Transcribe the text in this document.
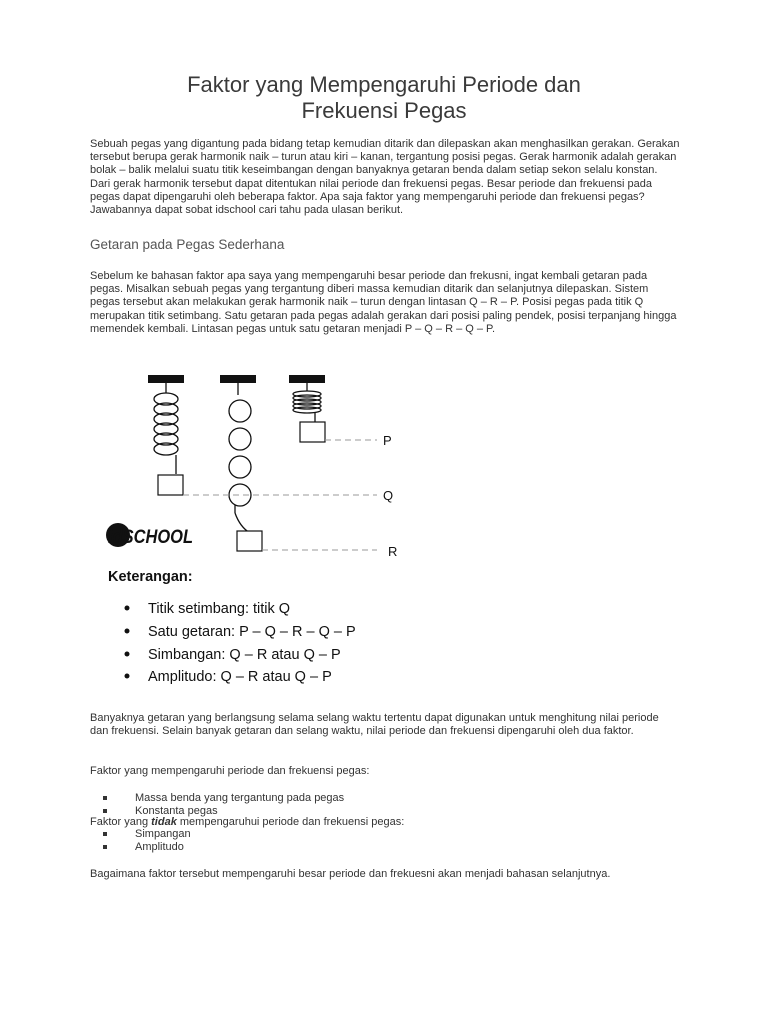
Faktor yang Mempengaruhi Periode dan
Frekuensi Pegas

Sebuah pegas yang digantung pada bidang tetap kemudian ditarik dan dilepaskan akan menghasilkan gerakan. Gerakan tersebut berupa gerak harmonik naik – turun atau kiri – kanan, tergantung posisi pegas. Gerak harmonik adalah gerakan bolak – balik melalui suatu titik keseimbangan dengan banyaknya getaran benda dalam setiap sekon selalu konstan. Dari gerak harmonik tersebut dapat ditentukan nilai periode dan frekuensi pegas. Besar periode dan frekuensi pada pegas dapat dipengaruhi oleh beberapa faktor. Apa saja faktor yang mempengaruhi periode dan frekuensi pegas? Jawabannya dapat sobat idschool cari tahu pada ulasan berikut.

Getaran pada Pegas Sederhana

Sebelum ke bahasan faktor apa saya yang mempengaruhi besar periode dan frekusni, ingat kembali getaran pada pegas. Misalkan sebuah pegas yang tergantung diberi massa kemudian ditarik dan selanjutnya dilepaskan. Sistem pegas tersebut akan melakukan gerak harmonik naik – turun dengan lintasan Q – R – P. Posisi pegas pada titik Q merupakan titik setimbang. Satu getaran pada pegas adalah gerakan dari posisi paling pendek, posisi terpanjang hingga memendek kembali. Lintasan pegas untuk satu getaran menjadi P – Q – R – Q – P.

P
Q
R
idSCHOOL
Keterangan:
Titik setimbang: titik Q
Satu getaran: P – Q – R – Q – P
Simbangan: Q – R atau Q – P
Amplitudo: Q – R atau Q – P

Banyaknya getaran yang berlangsung selama selang waktu tertentu dapat digunakan untuk menghitung nilai periode dan frekuensi. Selain banyak getaran dan selang waktu, nilai periode dan frekuensi dipengaruhi oleh dua faktor.

Faktor yang mempengaruhi periode dan frekuensi pegas:

Massa benda yang tergantung pada pegas
Konstanta pegas
Faktor yang tidak mempengaruhui periode dan frekuensi pegas:
Simpangan
Amplitudo

Bagaimana faktor tersebut mempengaruhi besar periode dan frekuesni akan menjadi bahasan selanjutnya.
